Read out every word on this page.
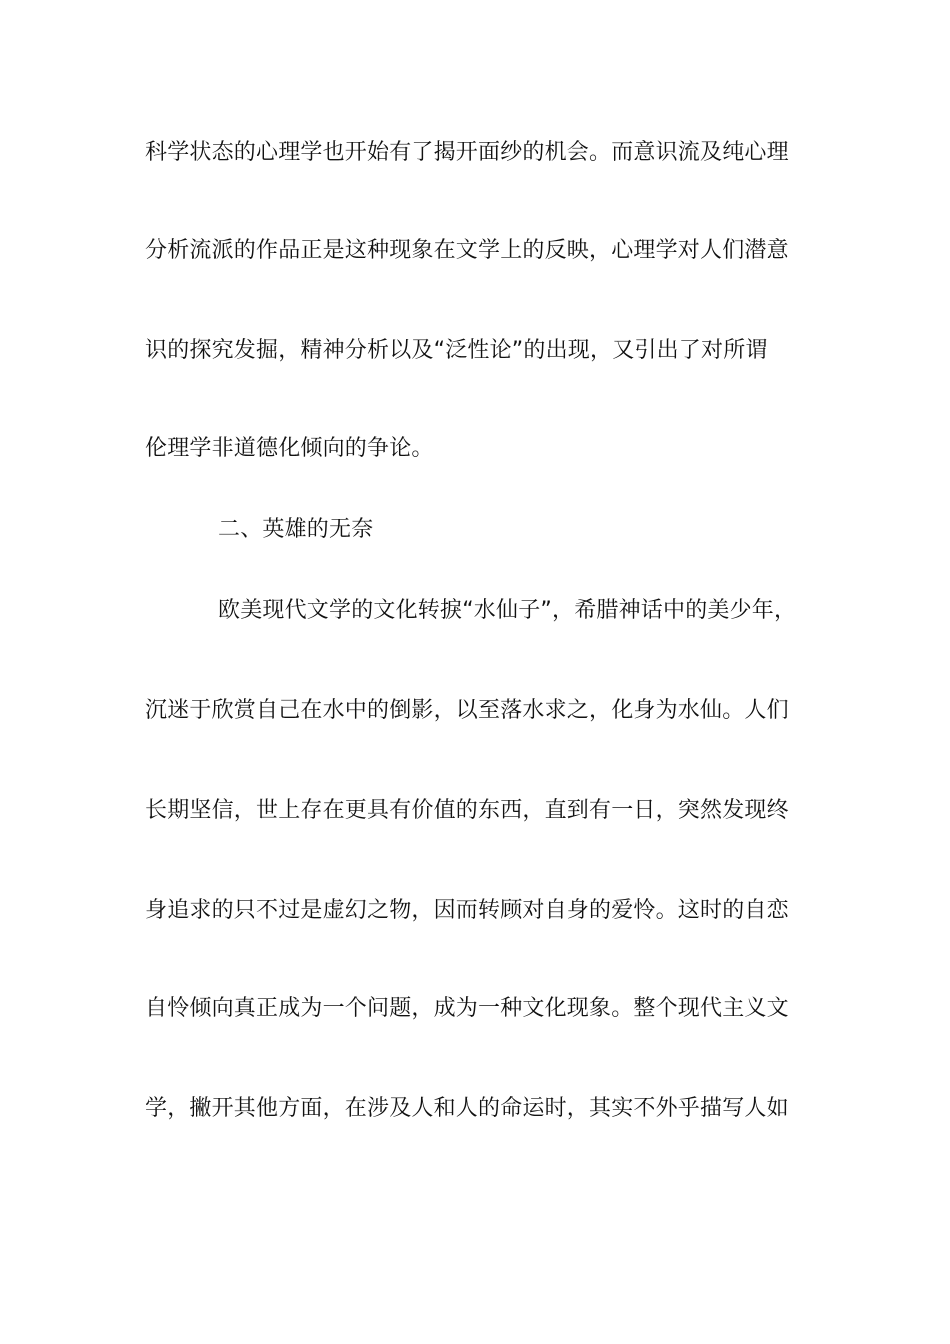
科学状态的心理学也开始有了揭开面纱的机会。而意识流及纯心理
分析流派的作品正是这种现象在文学上的反映，心理学对人们潜意
识的探究发掘，精神分析以及“泛性论”的出现，又引出了对所谓
伦理学非道德化倾向的争论。
二、英雄的无奈
欧美现代文学的文化转捩“水仙子”，希腊神话中的美少年，
沉迷于欣赏自己在水中的倒影，以至落水求之，化身为水仙。人们
长期坚信，世上存在更具有价值的东西，直到有一日，突然发现终
身追求的只不过是虚幻之物，因而转顾对自身的爱怜。这时的自恋
自怜倾向真正成为一个问题，成为一种文化现象。整个现代主义文
学，撇开其他方面，在涉及人和人的命运时，其实不外乎描写人如
